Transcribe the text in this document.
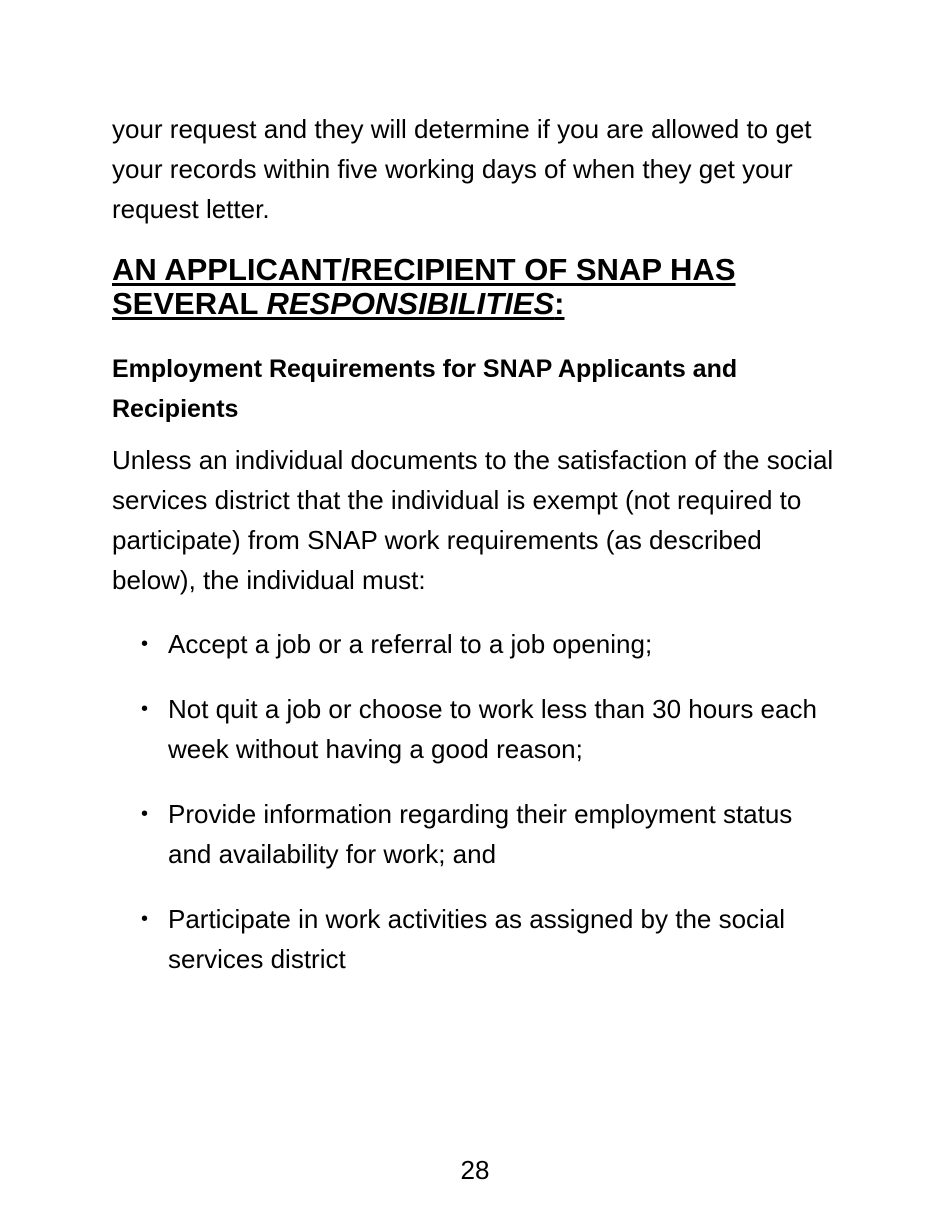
your request and they will determine if you are allowed to get your records within five working days of when they get your request letter.

AN APPLICANT/RECIPIENT OF SNAP HAS SEVERAL RESPONSIBILITIES:
Employment Requirements for SNAP Applicants and Recipients

Unless an individual documents to the satisfaction of the social services district that the individual is exempt (not required to participate) from SNAP work requirements (as described below), the individual must:

• Accept a job or a referral to a job opening;
• Not quit a job or choose to work less than 30 hours each week without having a good reason;
• Provide information regarding their employment status and availability for work; and
• Participate in work activities as assigned by the social services district
28
